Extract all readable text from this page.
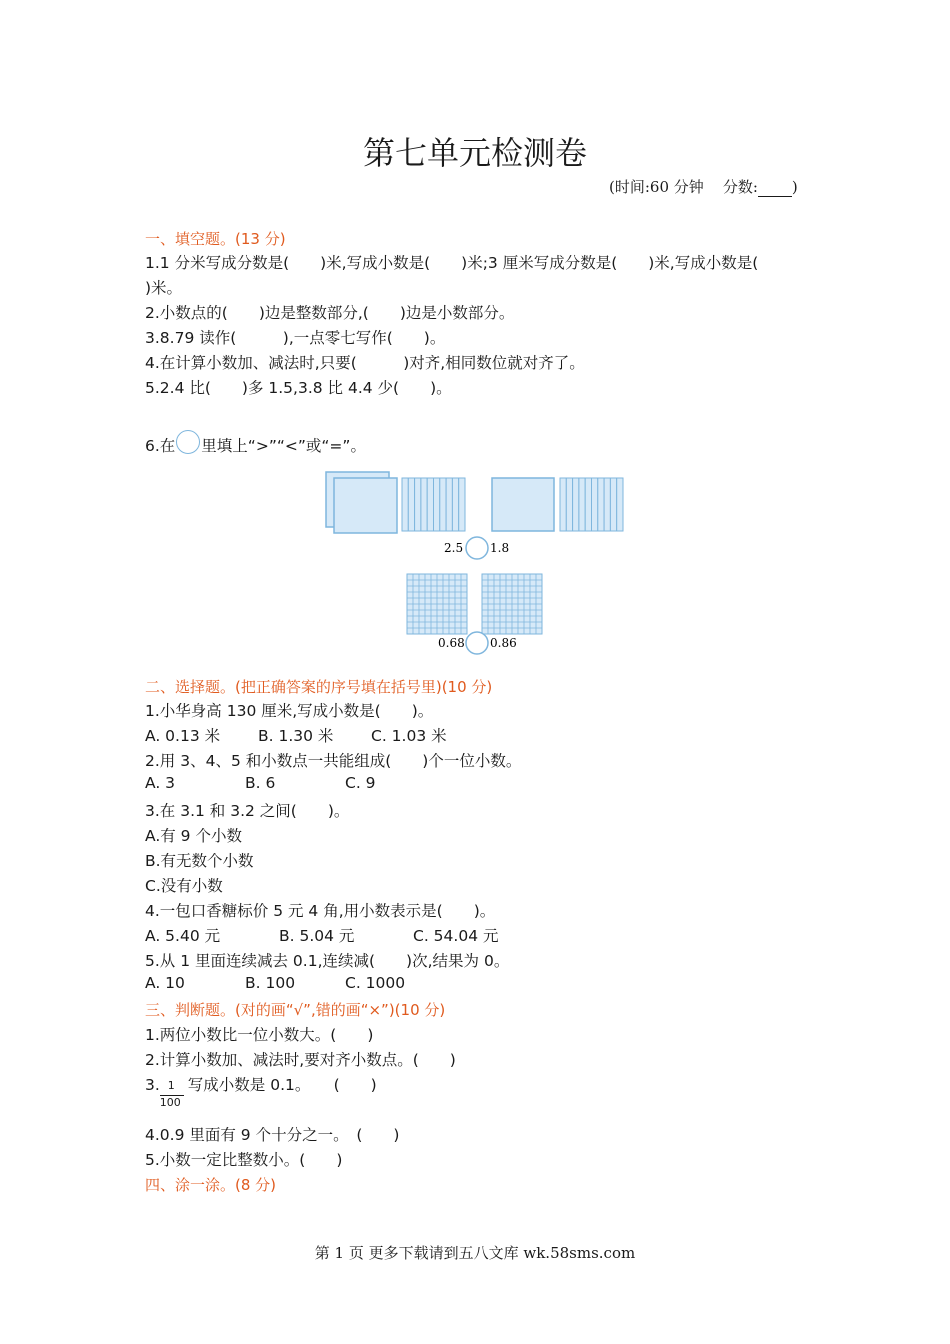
第七单元检测卷
(时间:60 分钟 分数: )
一、填空题。(13 分)
1.1 分米写成分数是(　　)米,写成小数是(　　)米;3 厘米写成分数是(　　)米,写成小数是(
)米。
2.小数点的(　　)边是整数部分,(　　)边是小数部分。
3.8.79 读作(　　　),一点零七写作(　　)。
4.在计算小数加、减法时,只要(　　　)对齐,相同数位就对齐了。
5.2.4 比(　　)多 1.5,3.8 比 4.4 少(　　)。
6.在 里填上“>”“<”或“=”。
2.5 1.8
0.68 0.86
二、选择题。(把正确答案的序号填在括号里)(10 分)
1.小华身高 130 厘米,写成小数是(　　)。
A. 0.13 米 B. 1.30 米 C. 1.03 米
2.用 3、4、5 和小数点一共能组成(　　)个一位小数。
A. 3	B. 6	C. 9
3.在 3.1 和 3.2 之间(　　)。
A.有 9 个小数
B.有无数个小数
C.没有小数
4.一包口香糖标价 5 元 4 角,用小数表示是(　　)。
A. 5.40 元	B. 5.04 元	C. 54.04 元
5.从 1 里面连续减去 0.1,连续减(　　)次,结果为 0。
A. 10	B. 100	C. 1000
三、判断题。(对的画“√”,错的画“×”)(10 分)
1.两位小数比一位小数大。(　　)
2.计算小数加、减法时,要对齐小数点。(　　)
3. $\frac{1}{100}$ 写成小数是 0.1。　　(　　)
4.0.9 里面有 9 个十分之一。　(　　)
5.小数一定比整数小。(　　)
四、涂一涂。(8 分)
第 1 页 更多下载请到五八文库 wk.58sms.com
